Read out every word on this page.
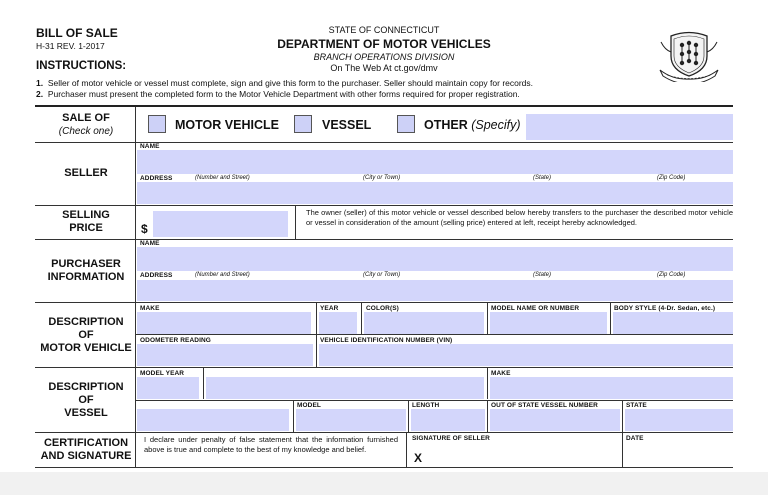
BILL OF SALE
H-31 REV. 1-2017
STATE OF CONNECTICUT
DEPARTMENT OF MOTOR VEHICLES
BRANCH OPERATIONS DIVISION
On The Web At ct.gov/dmv
INSTRUCTIONS:
1. Seller of motor vehicle or vessel must complete, sign and give this form to the purchaser. Seller should maintain copy for records.
2. Purchaser must present the completed form to the Motor Vehicle Department with other forms required for proper registration.
SALE OF
(Check one)	MOTOR VEHICLE	VESSEL	OTHER (Specify)
SELLER
NAME
ADDRESS	(Number and Street)	(City or Town)	(State)	(Zip Code)
SELLING
PRICE	$
The owner (seller) of this motor vehicle or vessel described below hereby transfers to the purchaser the described motor vehicle or vessel in consideration of the amount (selling price) entered at left, receipt hereby acknowledged.
PURCHASER
INFORMATION
NAME
ADDRESS	(Number and Street)	(City or Town)	(State)	(Zip Code)
DESCRIPTION
OF
MOTOR VEHICLE
MAKE	YEAR	COLOR(S)	MODEL NAME OR NUMBER	BODY STYLE (4-Dr. Sedan, etc.)
ODOMETER READING	VEHICLE IDENTIFICATION NUMBER (VIN)
DESCRIPTION
OF
VESSEL
MODEL YEAR	MAKE
MODEL	LENGTH	OUT OF STATE VESSEL NUMBER	STATE
CERTIFICATION
AND SIGNATURE
I declare under penalty of false statement that the information furnished above is true and complete to the best of my knowledge and belief.
SIGNATURE OF SELLER
X
DATE
